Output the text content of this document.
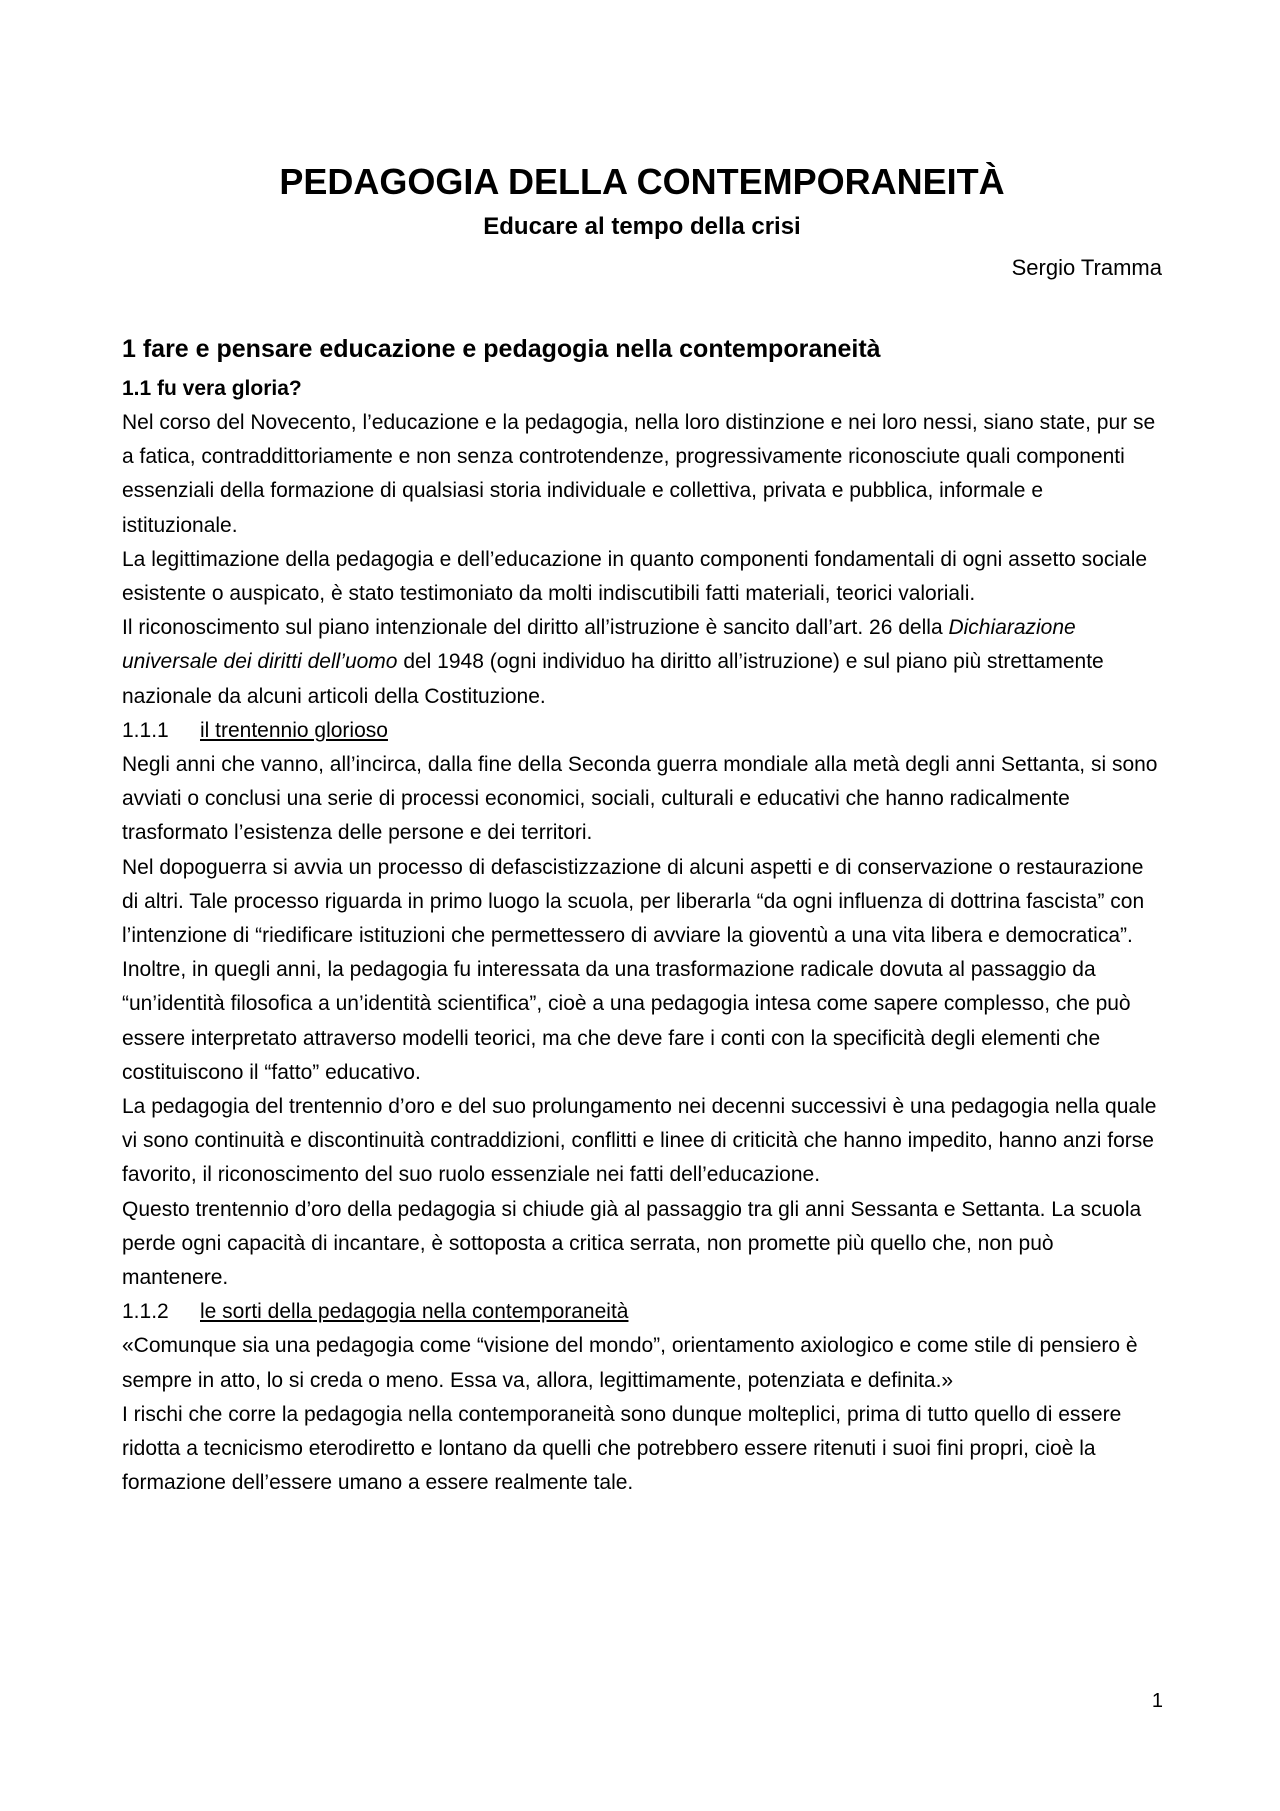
PEDAGOGIA DELLA CONTEMPORANEITÀ
Educare al tempo della crisi
Sergio Tramma
1 fare e pensare educazione e pedagogia nella contemporaneità
1.1 fu vera gloria?

Nel corso del Novecento, l’educazione e la pedagogia, nella loro distinzione e nei loro nessi, siano state, pur se a fatica, contraddittoriamente e non senza controtendenze, progressivamente riconosciute quali componenti essenziali della formazione di qualsiasi storia individuale e collettiva, privata e pubblica, informale e istituzionale.

La legittimazione della pedagogia e dell’educazione in quanto componenti fondamentali di ogni assetto sociale esistente o auspicato, è stato testimoniato da molti indiscutibili fatti materiali, teorici valoriali.

Il riconoscimento sul piano intenzionale del diritto all’istruzione è sancito dall’art. 26 della Dichiarazione universale dei diritti dell’uomo del 1948 (ogni individuo ha diritto all’istruzione) e sul piano più strettamente nazionale da alcuni articoli della Costituzione.

1.1.1 il trentennio glorioso

Negli anni che vanno, all’incirca, dalla fine della Seconda guerra mondiale alla metà degli anni Settanta, si sono avviati o conclusi una serie di processi economici, sociali, culturali e educativi che hanno radicalmente trasformato l’esistenza delle persone e dei territori.

Nel dopoguerra si avvia un processo di defascistizzazione di alcuni aspetti e di conservazione o restaurazione di altri. Tale processo riguarda in primo luogo la scuola, per liberarla “da ogni influenza di dottrina fascista” con l’intenzione di “riedificare istituzioni che permettessero di avviare la gioventù a una vita libera e democratica”.

Inoltre, in quegli anni, la pedagogia fu interessata da una trasformazione radicale dovuta al passaggio da “un’identità filosofica a un’identità scientifica”, cioè a una pedagogia intesa come sapere complesso, che può essere interpretato attraverso modelli teorici, ma che deve fare i conti con la specificità degli elementi che costituiscono il “fatto” educativo.

La pedagogia del trentennio d’oro e del suo prolungamento nei decenni successivi è una pedagogia nella quale vi sono continuità e discontinuità contraddizioni, conflitti e linee di criticità che hanno impedito, hanno anzi forse favorito, il riconoscimento del suo ruolo essenziale nei fatti dell’educazione.

Questo trentennio d’oro della pedagogia si chiude già al passaggio tra gli anni Sessanta e Settanta. La scuola perde ogni capacità di incantare, è sottoposta a critica serrata, non promette più quello che, non può mantenere.

1.1.2 le sorti della pedagogia nella contemporaneità

«Comunque sia una pedagogia come “visione del mondo”, orientamento axiologico e come stile di pensiero è sempre in atto, lo si creda o meno. Essa va, allora, legittimamente, potenziata e definita.»

I rischi che corre la pedagogia nella contemporaneità sono dunque molteplici, prima di tutto quello di essere ridotta a tecnicismo eterodiretto e lontano da quelli che potrebbero essere ritenuti i suoi fini propri, cioè la formazione dell’essere umano a essere realmente tale.

1
